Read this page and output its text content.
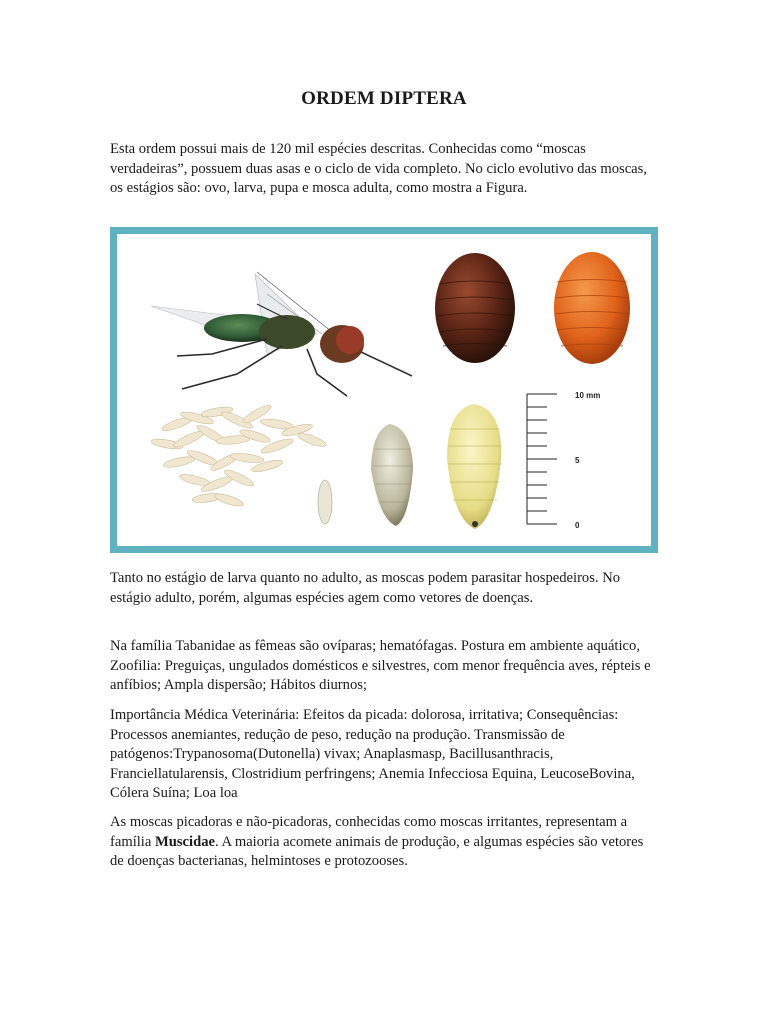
ORDEM DIPTERA

Esta ordem possui mais de 120 mil espécies descritas. Conhecidas como “moscas verdadeiras”, possuem duas asas e o ciclo de vida completo. No ciclo evolutivo das moscas, os estágios são: ovo, larva, pupa e mosca adulta, como mostra a Figura.

10 mm
5
0

Tanto no estágio de larva quanto no adulto, as moscas podem parasitar hospedeiros. No estágio adulto, porém, algumas espécies agem como vetores de doenças.

Na família Tabanidae as fêmeas são ovíparas; hematófagas. Postura em ambiente aquático, Zoofilia: Preguiças, ungulados domésticos e silvestres, com menor frequência aves, répteis e anfíbios; Ampla dispersão; Hábitos diurnos;

Importância Médica Veterinária: Efeitos da picada: dolorosa, irritativa; Consequências: Processos anemiantes, redução de peso, redução na produção. Transmissão de patógenos:Trypanosoma(Dutonella) vivax; Anaplasmasp, Bacillusanthracis, Franciellatularensis, Clostridium perfringens; Anemia Infecciosa Equina, LeucoseBovina, Cólera Suína; Loa loa

As moscas picadoras e não-picadoras, conhecidas como moscas irritantes, representam a família Muscidae. A maioria acomete animais de produção, e algumas espécies são vetores de doenças bacterianas, helmintoses e protozooses.
